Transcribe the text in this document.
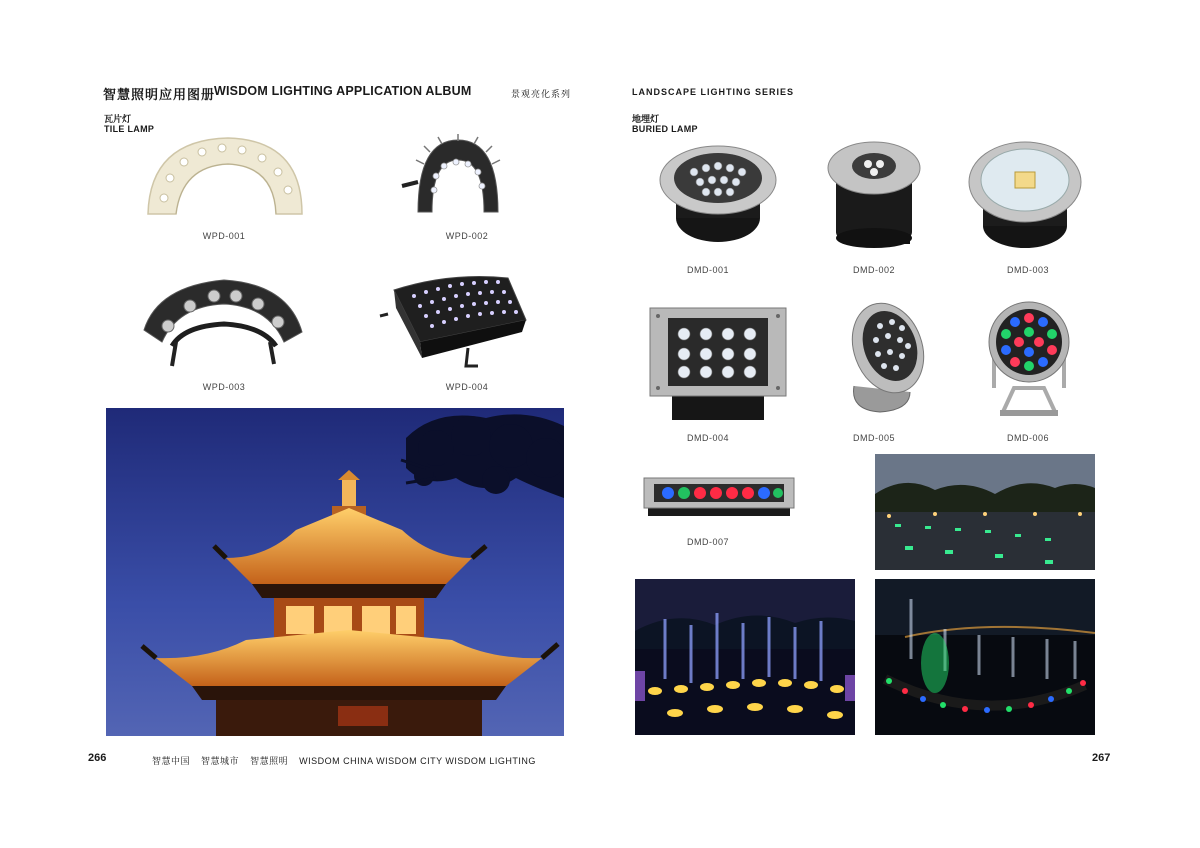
智慧照明应用图册
WISDOM LIGHTING APPLICATION ALBUM	景观亮化系列	LANDSCAPE LIGHTING SERIES
瓦片灯
TILE LAMP
地埋灯
BURIED LAMP
WPD-001	WPD-002
WPD-003	WPD-004
DMD-001	DMD-002	DMD-003
DMD-004	DMD-005	DMD-006
DMD-007
266	智慧中国 智慧城市 智慧照明 WISDOM CHINA WISDOM CITY WISDOM LIGHTING	267
